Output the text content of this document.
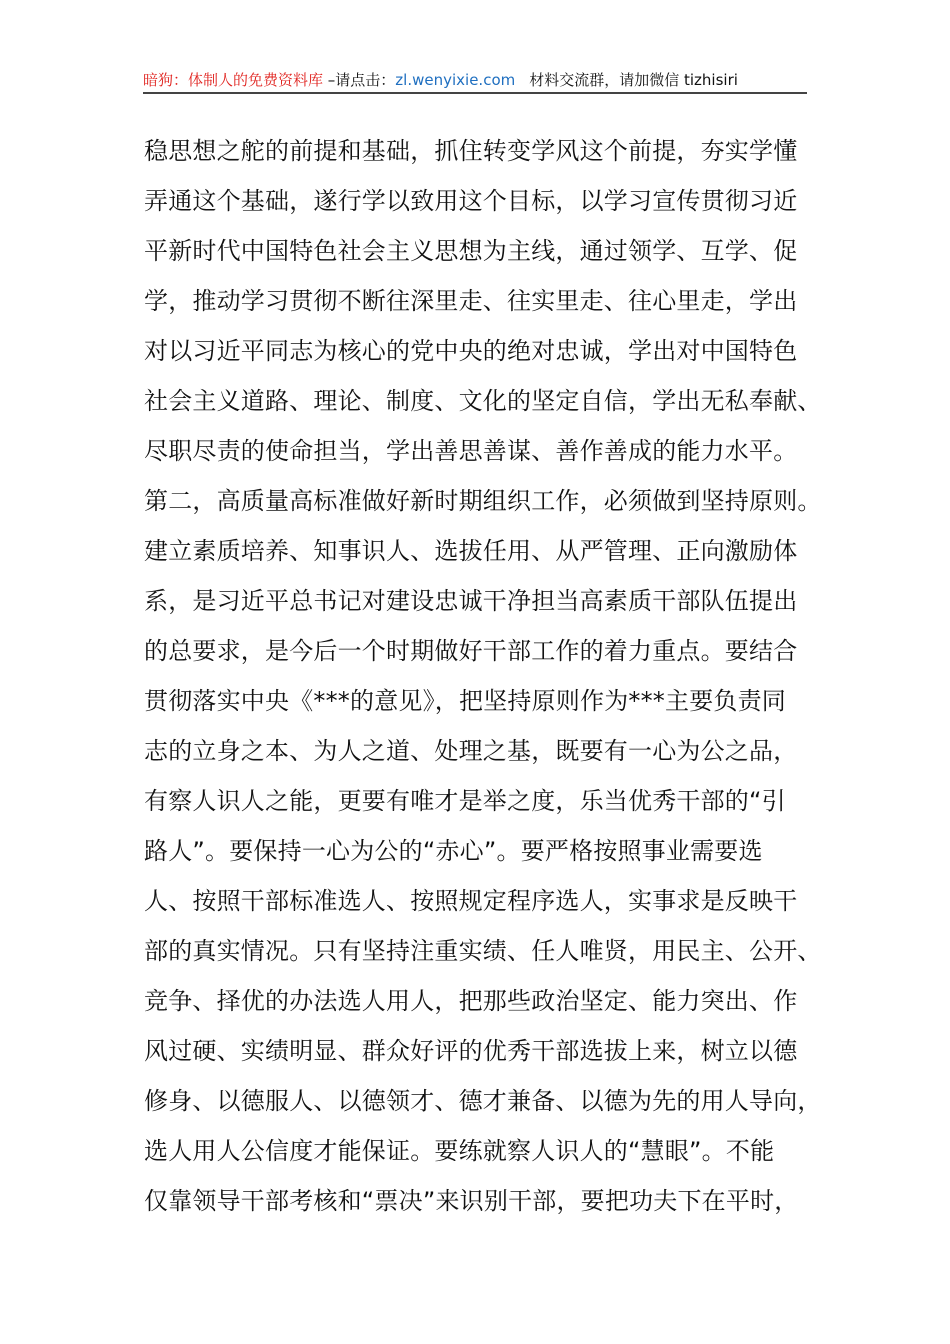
暗狗：体制人的免费资料库 –请点击：zl.wenyixie.com 材料交流群，请加微信 tizhisiri
稳思想之舵的前提和基础，抓住转变学风这个前提，夯实学懂
弄通这个基础，遂行学以致用这个目标，以学习宣传贯彻习近
平新时代中国特色社会主义思想为主线，通过领学、互学、促
学，推动学习贯彻不断往深里走、往实里走、往心里走，学出
对以习近平同志为核心的党中央的绝对忠诚，学出对中国特色
社会主义道路、理论、制度、文化的坚定自信，学出无私奉献、
尽职尽责的使命担当，学出善思善谋、善作善成的能力水平。
第二，高质量高标准做好新时期组织工作，必须做到坚持原则。
建立素质培养、知事识人、选拔任用、从严管理、正向激励体
系，是习近平总书记对建设忠诚干净担当高素质干部队伍提出
的总要求，是今后一个时期做好干部工作的着力重点。要结合
贯彻落实中央《***的意见》，把坚持原则作为***主要负责同
志的立身之本、为人之道、处理之基，既要有一心为公之品，
有察人识人之能，更要有唯才是举之度，乐当优秀干部的“引
路人”。要保持一心为公的“赤心”。要严格按照事业需要选
人、按照干部标准选人、按照规定程序选人，实事求是反映干
部的真实情况。只有坚持注重实绩、任人唯贤，用民主、公开、
竞争、择优的办法选人用人，把那些政治坚定、能力突出、作
风过硬、实绩明显、群众好评的优秀干部选拔上来，树立以德
修身、以德服人、以德领才、德才兼备、以德为先的用人导向，
选人用人公信度才能保证。要练就察人识人的“慧眼”。不能
仅靠领导干部考核和“票决”来识别干部，要把功夫下在平时，
